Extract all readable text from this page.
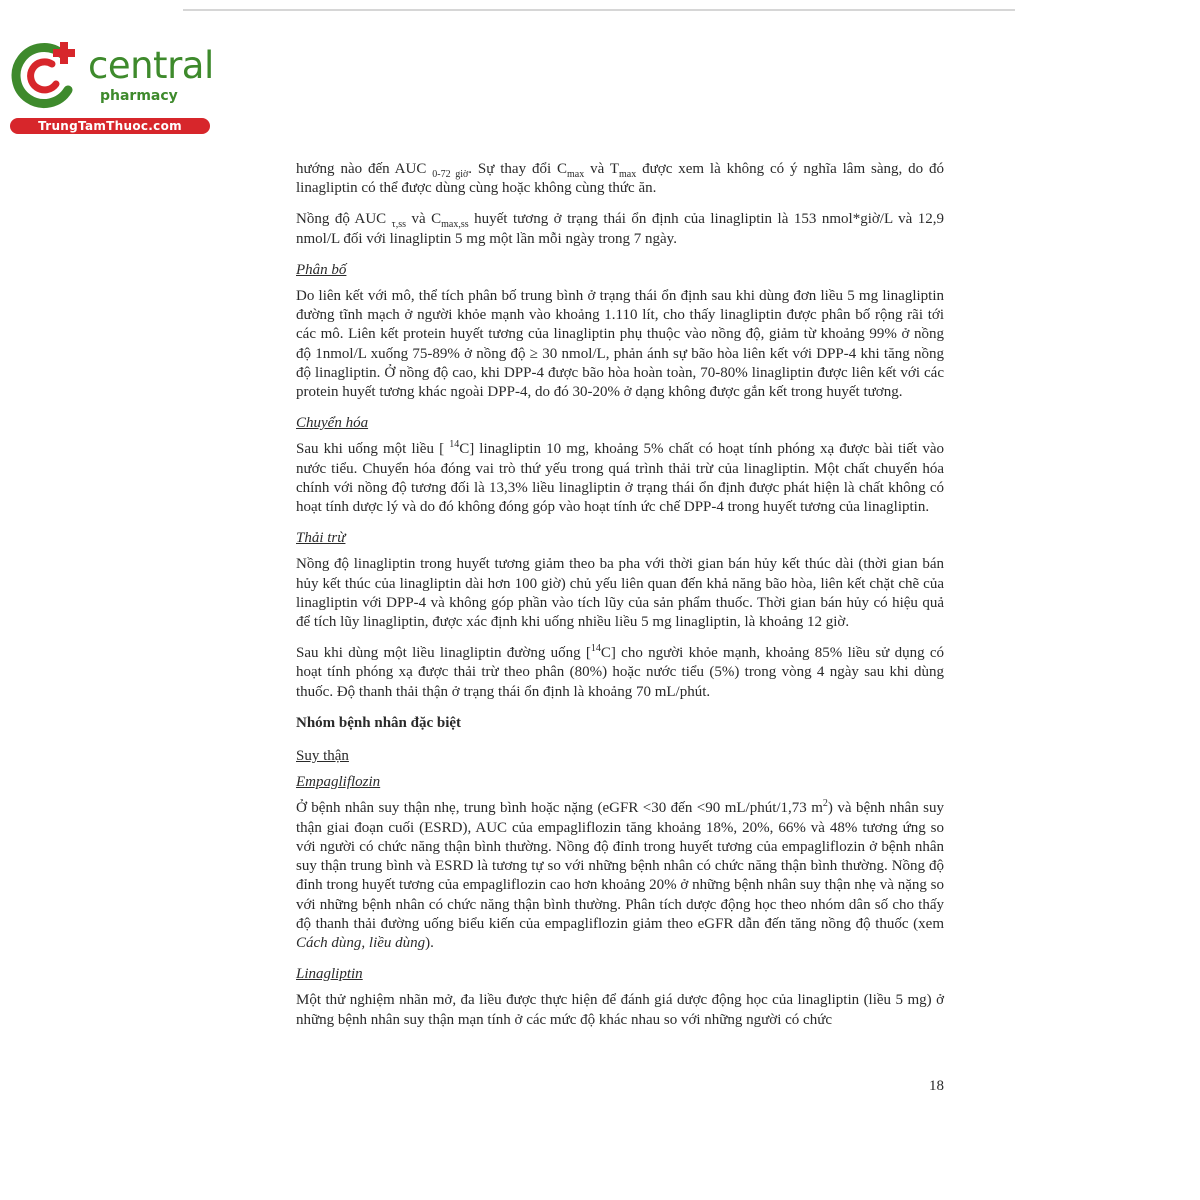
central
pharmacy
TrungTamThuoc.com

hướng nào đến AUC $_{0-72 giờ}$. Sự thay đổi $C_{max}$ và $T_{max}$ được xem là không có ý nghĩa lâm sàng, do đó linagliptin có thể được dùng cùng hoặc không cùng thức ăn.

Nồng độ AUC $_{\tau,ss}$ và $C_{max,ss}$ huyết tương ở trạng thái ổn định của linagliptin là 153 nmol*giờ/L và 12,9 nmol/L đối với linagliptin 5 mg một lần mỗi ngày trong 7 ngày.

Phân bố

Do liên kết với mô, thể tích phân bố trung bình ở trạng thái ổn định sau khi dùng đơn liều 5 mg linagliptin đường tĩnh mạch ở người khỏe mạnh vào khoảng 1.110 lít, cho thấy linagliptin được phân bố rộng rãi tới các mô. Liên kết protein huyết tương của linagliptin phụ thuộc vào nồng độ, giảm từ khoảng 99% ở nồng độ 1nmol/L xuống 75-89% ở nồng độ ≥ 30 nmol/L, phản ánh sự bão hòa liên kết với DPP-4 khi tăng nồng độ linagliptin. Ở nồng độ cao, khi DPP-4 được bão hòa hoàn toàn, 70-80% linagliptin được liên kết với các protein huyết tương khác ngoài DPP-4, do đó 30-20% ở dạng không được gắn kết trong huyết tương.

Chuyển hóa

Sau khi uống một liều [ $^{14}$C] linagliptin 10 mg, khoảng 5% chất có hoạt tính phóng xạ được bài tiết vào nước tiểu. Chuyển hóa đóng vai trò thứ yếu trong quá trình thải trừ của linagliptin. Một chất chuyển hóa chính với nồng độ tương đối là 13,3% liều linagliptin ở trạng thái ổn định được phát hiện là chất không có hoạt tính dược lý và do đó không đóng góp vào hoạt tính ức chế DPP-4 trong huyết tương của linagliptin.

Thải trừ

Nồng độ linagliptin trong huyết tương giảm theo ba pha với thời gian bán hủy kết thúc dài (thời gian bán hủy kết thúc của linagliptin dài hơn 100 giờ) chủ yếu liên quan đến khả năng bão hòa, liên kết chặt chẽ của linagliptin với DPP-4 và không góp phần vào tích lũy của sản phẩm thuốc. Thời gian bán hủy có hiệu quả để tích lũy linagliptin, được xác định khi uống nhiều liều 5 mg linagliptin, là khoảng 12 giờ.

Sau khi dùng một liều linagliptin đường uống [$^{14}$C] cho người khỏe mạnh, khoảng 85% liều sử dụng có hoạt tính phóng xạ được thải trừ theo phân (80%) hoặc nước tiểu (5%) trong vòng 4 ngày sau khi dùng thuốc. Độ thanh thải thận ở trạng thái ổn định là khoảng 70 mL/phút.

Nhóm bệnh nhân đặc biệt

Suy thận

Empagliflozin

Ở bệnh nhân suy thận nhẹ, trung bình hoặc nặng (eGFR <30 đến <90 mL/phút/1,73 $m^2$) và bệnh nhân suy thận giai đoạn cuối (ESRD), AUC của empagliflozin tăng khoảng 18%, 20%, 66% và 48% tương ứng so với người có chức năng thận bình thường. Nồng độ đỉnh trong huyết tương của empagliflozin ở bệnh nhân suy thận trung bình và ESRD là tương tự so với những bệnh nhân có chức năng thận bình thường. Nồng độ đỉnh trong huyết tương của empagliflozin cao hơn khoảng 20% ở những bệnh nhân suy thận nhẹ và nặng so với những bệnh nhân có chức năng thận bình thường. Phân tích dược động học theo nhóm dân số cho thấy độ thanh thải đường uống biểu kiến của empagliflozin giảm theo eGFR dẫn đến tăng nồng độ thuốc (xem Cách dùng, liều dùng).

Linagliptin

Một thử nghiệm nhãn mở, đa liều được thực hiện để đánh giá dược động học của linagliptin (liều 5 mg) ở những bệnh nhân suy thận mạn tính ở các mức độ khác nhau so với những người có chức

18
